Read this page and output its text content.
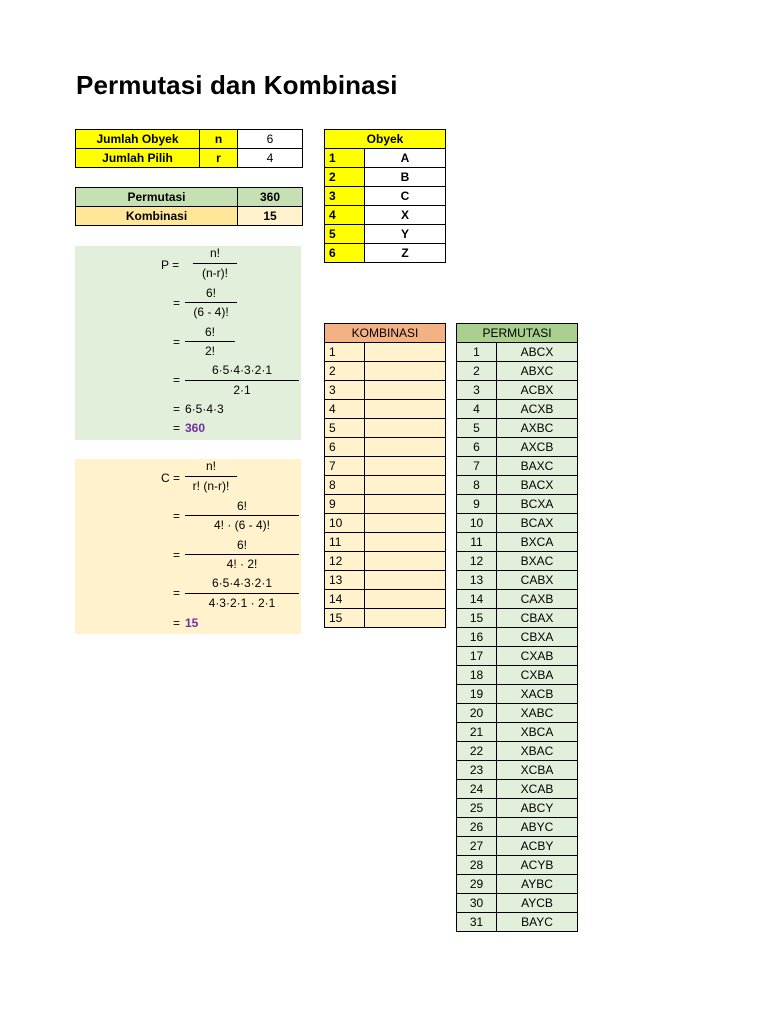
Permutasi dan Kombinasi
Jumlah Obyek	n	6
Jumlah Pilih	r	4
Permutasi	360
Kombinasi	15
Obyek	
1	A
2	B
3	C
4	X
5	Y
6	Z
P =
n!
(n-r)!
=
6!
(6 - 4)!
=
6!
2!
=
6·5·4·3·2·1
2·1
= 6·5·4·3
= 360
C =
n!
r! (n-r)!
=
6!
4! · (6 - 4)!
=
6!
4! · 2!
=
6·5·4·3·2·1
4·3·2·1 · 2·1
= 15
KOMBINASI	
1	
2	
3	
4	
5	
6	
7	
8	
9	
10	
11	
12	
13	
14	
15	
PERMUTASI	
1	ABCX
2	ABXC
3	ACBX
4	ACXB
5	AXBC
6	AXCB
7	BAXC
8	BACX
9	BCXA
10	BCAX
11	BXCA
12	BXAC
13	CABX
14	CAXB
15	CBAX
16	CBXA
17	CXAB
18	CXBA
19	XACB
20	XABC
21	XBCA
22	XBAC
23	XCBA
24	XCAB
25	ABCY
26	ABYC
27	ACBY
28	ACYB
29	AYBC
30	AYCB
31	BAYC
